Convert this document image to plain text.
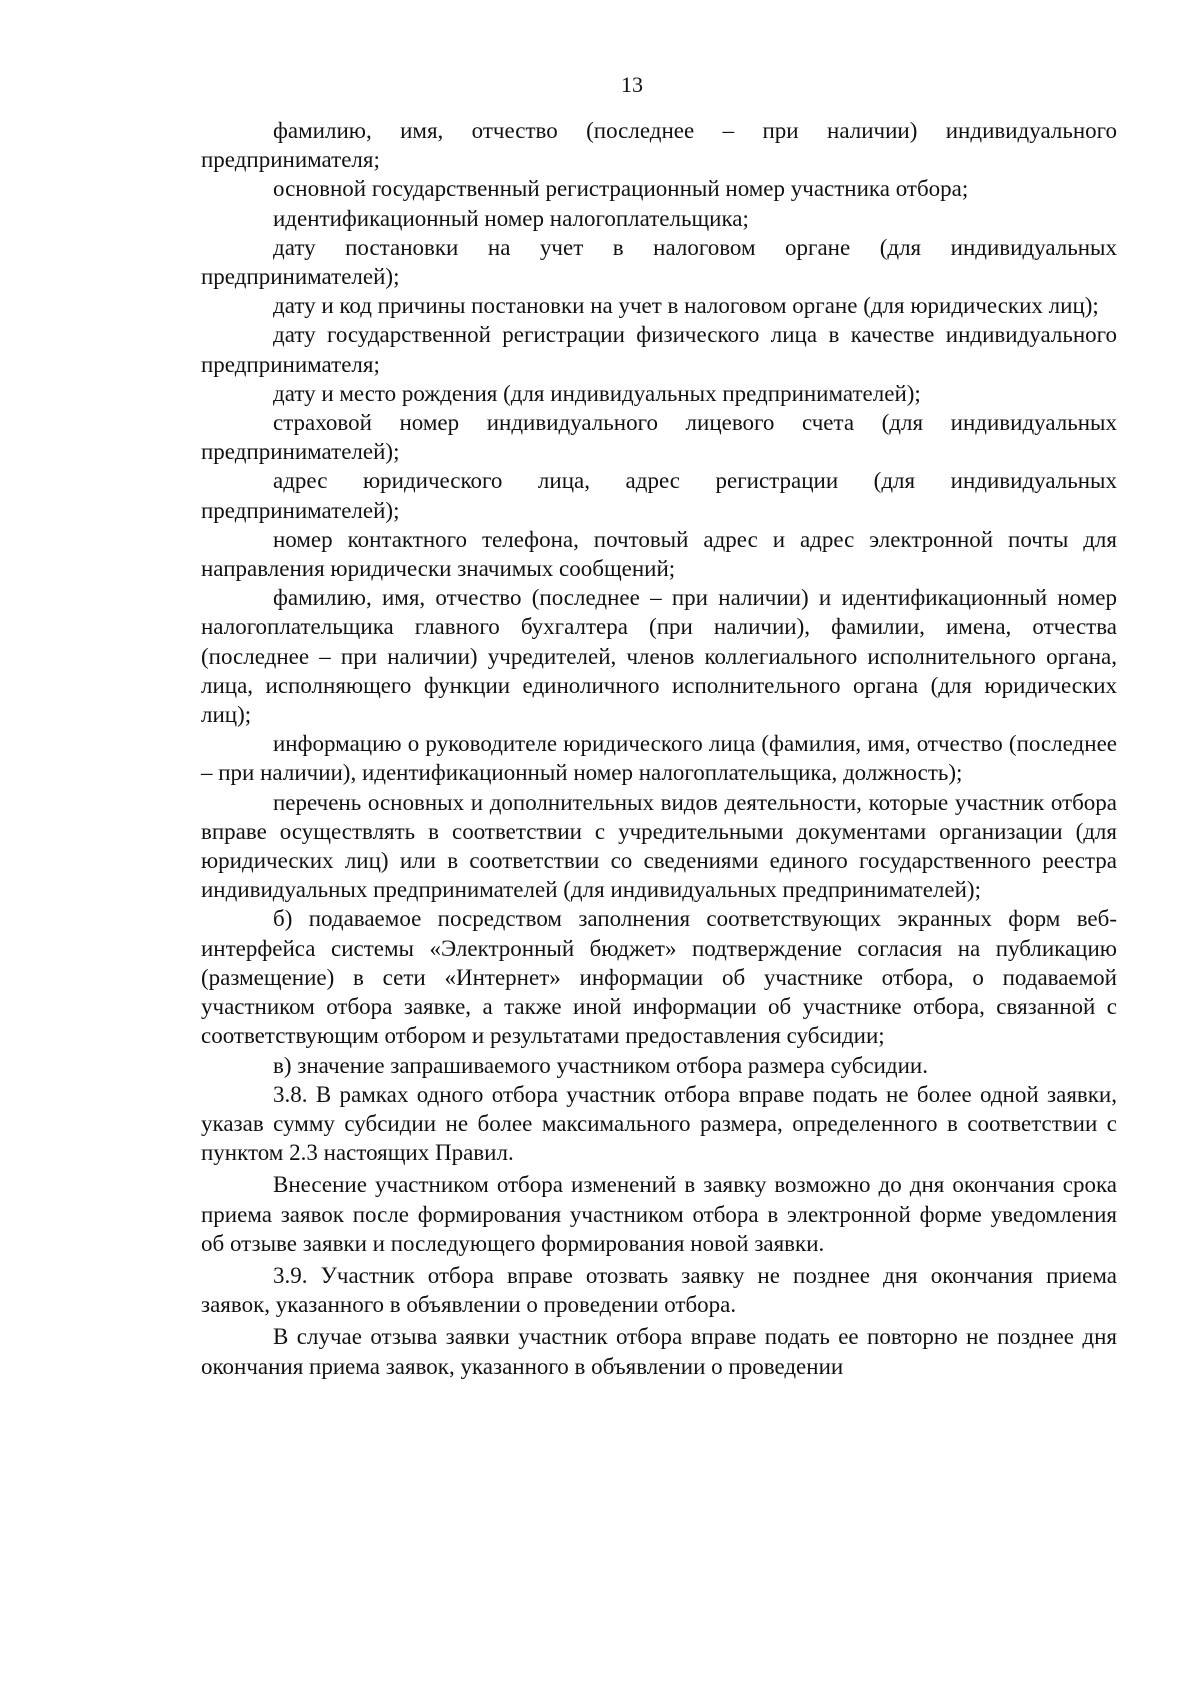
13

фамилию, имя, отчество (последнее – при наличии) индивидуального предпринимателя;

основной государственный регистрационный номер участника отбора;

идентификационный номер налогоплательщика;

дату постановки на учет в налоговом органе (для индивидуальных предпринимателей);

дату и код причины постановки на учет в налоговом органе (для юридических лиц);

дату государственной регистрации физического лица в качестве индивидуального предпринимателя;

дату и место рождения (для индивидуальных предпринимателей);

страховой номер индивидуального лицевого счета (для индивидуальных предпринимателей);

адрес юридического лица, адрес регистрации (для индивидуальных предпринимателей);

номер контактного телефона, почтовый адрес и адрес электронной почты для направления юридически значимых сообщений;

фамилию, имя, отчество (последнее – при наличии) и идентификационный номер налогоплательщика главного бухгалтера (при наличии), фамилии, имена, отчества (последнее – при наличии) учредителей, членов коллегиального исполнительного органа, лица, исполняющего функции единоличного исполнительного органа (для юридических лиц);

информацию о руководителе юридического лица (фамилия, имя, отчество (последнее – при наличии), идентификационный номер налогоплательщика, должность);

перечень основных и дополнительных видов деятельности, которые участник отбора вправе осуществлять в соответствии с учредительными документами организации (для юридических лиц) или в соответствии со сведениями единого государственного реестра индивидуальных предпринимателей (для индивидуальных предпринимателей);

б) подаваемое посредством заполнения соответствующих экранных форм веб-интерфейса системы «Электронный бюджет» подтверждение согласия на публикацию (размещение) в сети «Интернет» информации об участнике отбора, о подаваемой участником отбора заявке, а также иной информации об участнике отбора, связанной с соответствующим отбором и результатами предоставления субсидии;

в) значение запрашиваемого участником отбора размера субсидии.

3.8. В рамках одного отбора участник отбора вправе подать не более одной заявки, указав сумму субсидии не более максимального размера, определенного в соответствии с пунктом 2.3 настоящих Правил.

Внесение участником отбора изменений в заявку возможно до дня окончания срока приема заявок после формирования участником отбора в электронной форме уведомления об отзыве заявки и последующего формирования новой заявки.

3.9. Участник отбора вправе отозвать заявку не позднее дня окончания приема заявок, указанного в объявлении о проведении отбора.

В случае отзыва заявки участник отбора вправе подать ее повторно не позднее дня окончания приема заявок, указанного в объявлении о проведении
